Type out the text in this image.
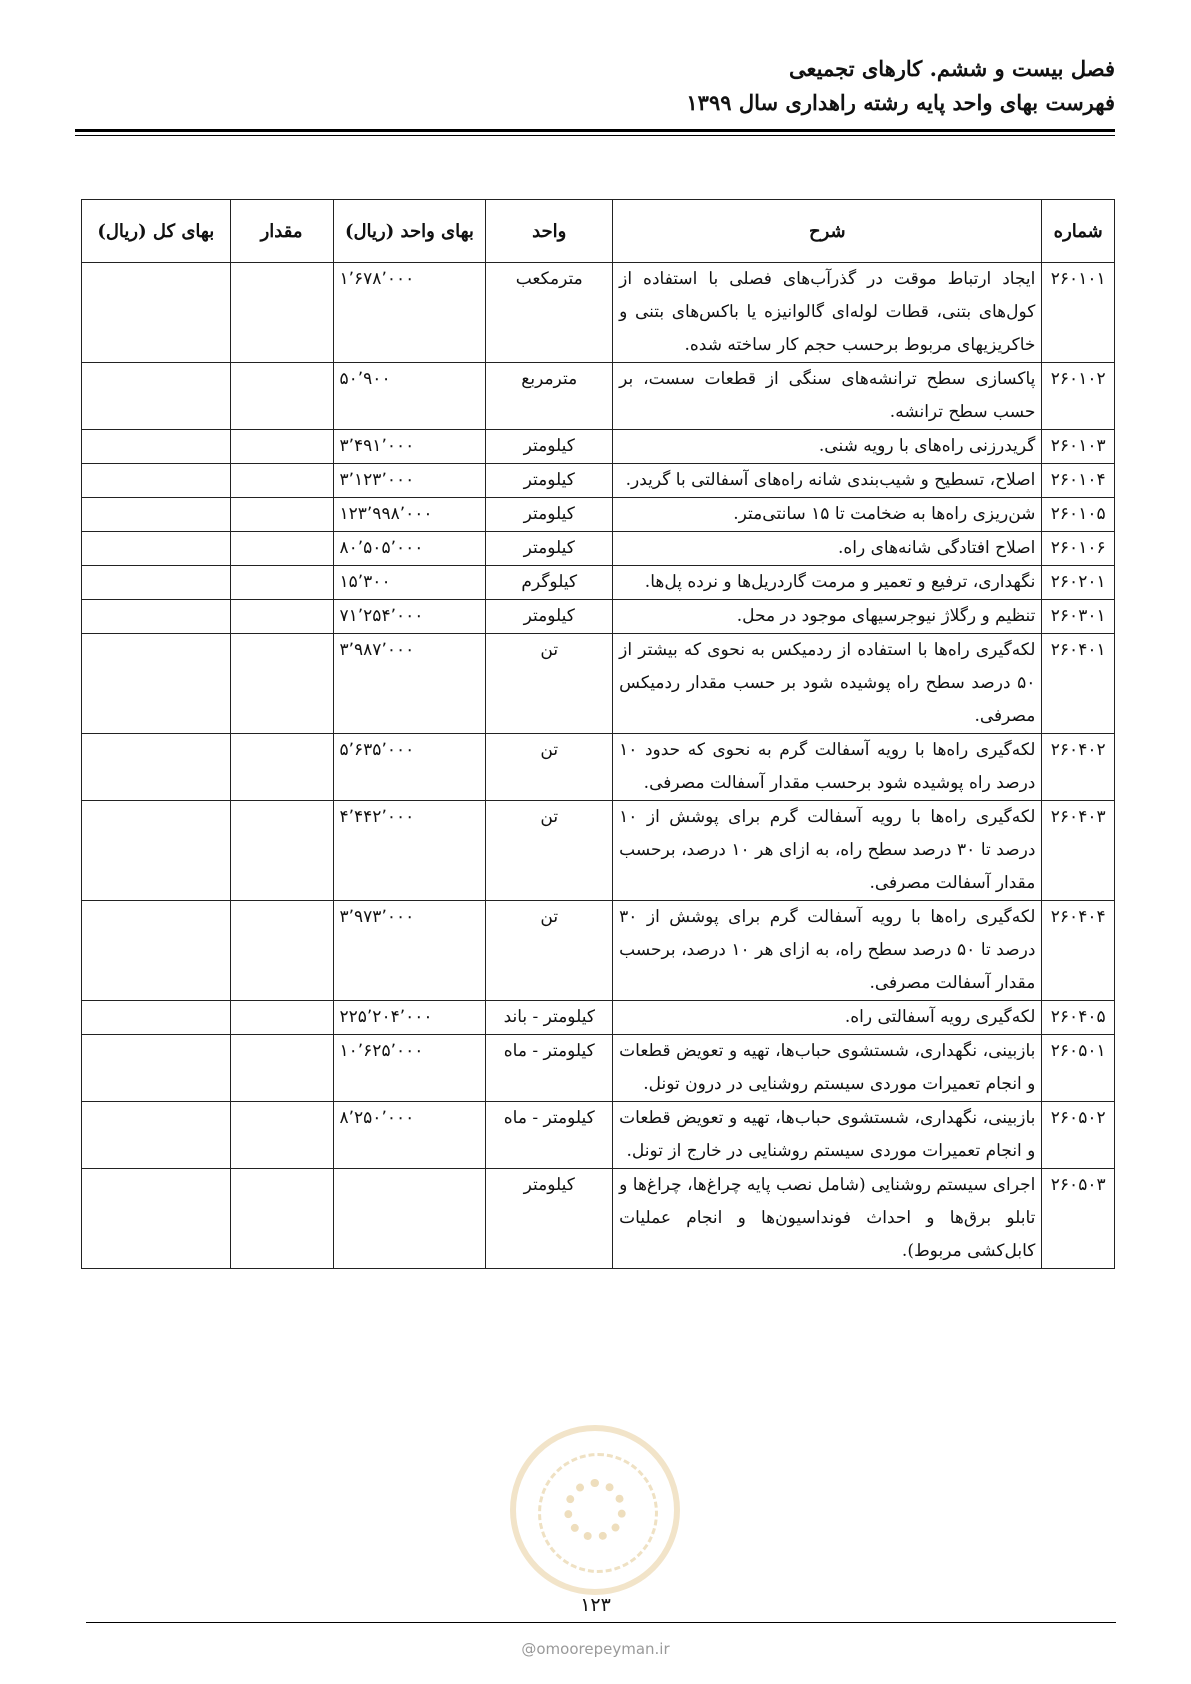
فصل بیست و ششم. کارهای تجمیعی
فهرست بهای واحد پایه رشته راهداری سال ۱۳۹۹
شماره	شرح	واحد	بهای واحد (ریال)	مقدار	بهای کل (ریال)
۲۶۰۱۰۱	ایجاد ارتباط موقت در گذرآب‌های فصلی با استفاده از کول‌های بتنی، قطات لوله‌ای گالوانیزه یا باکس‌های بتنی و خاکریزیهای مربوط برحسب حجم کار ساخته شده.	مترمکعب	۱٬۶۷۸٬۰۰۰		
۲۶۰۱۰۲	پاکسازی سطح ترانشه‌های سنگی از قطعات سست، بر حسب سطح ترانشه.	مترمربع	۵۰٬۹۰۰		
۲۶۰۱۰۳	گریدرزنی راه‌های با رویه شنی.	کیلومتر	۳٬۴۹۱٬۰۰۰		
۲۶۰۱۰۴	اصلاح، تسطیح و شیب‌بندی شانه راه‌های آسفالتی با گریدر.	کیلومتر	۳٬۱۲۳٬۰۰۰		
۲۶۰۱۰۵	شن‌ریزی راه‌ها به ضخامت تا ۱۵ سانتی‌متر.	کیلومتر	۱۲۳٬۹۹۸٬۰۰۰		
۲۶۰۱۰۶	اصلاح افتادگی شانه‌های راه.	کیلومتر	۸۰٬۵۰۵٬۰۰۰		
۲۶۰۲۰۱	نگهداری، ترفیع و تعمیر و مرمت گاردریل‌ها و نرده پل‌ها.	کیلوگرم	۱۵٬۳۰۰		
۲۶۰۳۰۱	تنظیم و رگلاژ نیوجرسیهای موجود در محل.	کیلومتر	۷۱٬۲۵۴٬۰۰۰		
۲۶۰۴۰۱	لکه‌گیری راه‌ها با استفاده از ردمیکس به نحوی که بیشتر از ۵۰ درصد سطح راه پوشیده شود بر حسب مقدار ردمیکس مصرفی.	تن	۳٬۹۸۷٬۰۰۰		
۲۶۰۴۰۲	لکه‌گیری راه‌ها با رویه آسفالت گرم به نحوی که حدود ۱۰ درصد راه پوشیده شود برحسب مقدار آسفالت مصرفی.	تن	۵٬۶۳۵٬۰۰۰		
۲۶۰۴۰۳	لکه‌گیری راه‌ها با رویه آسفالت گرم برای پوشش از ۱۰ درصد تا ۳۰ درصد سطح راه، به ازای هر ۱۰ درصد، برحسب مقدار آسفالت مصرفی.	تن	۴٬۴۴۲٬۰۰۰		
۲۶۰۴۰۴	لکه‌گیری راه‌ها با رویه آسفالت گرم برای پوشش از ۳۰ درصد تا ۵۰ درصد سطح راه، به ازای هر ۱۰ درصد، برحسب مقدار آسفالت مصرفی.	تن	۳٬۹۷۳٬۰۰۰		
۲۶۰۴۰۵	لکه‌گیری رویه آسفالتی راه.	کیلومتر - باند	۲۲۵٬۲۰۴٬۰۰۰		
۲۶۰۵۰۱	بازبینی، نگهداری، شستشوی حباب‌ها، تهیه و تعویض قطعات و انجام تعمیرات موردی سیستم روشنایی در درون تونل.	کیلومتر - ماه	۱۰٬۶۲۵٬۰۰۰		
۲۶۰۵۰۲	بازبینی، نگهداری، شستشوی حباب‌ها، تهیه و تعویض قطعات و انجام تعمیرات موردی سیستم روشنایی در خارج از تونل.	کیلومتر - ماه	۸٬۲۵۰٬۰۰۰		
۲۶۰۵۰۳	اجرای سیستم روشنایی (شامل نصب پایه چراغ‌ها، چراغ‌ها و تابلو برق‌ها و احداث فونداسیون‌ها و انجام عملیات کابل‌کشی مربوط).	کیلومتر			
۱۲۳
@omoorepeyman.ir
